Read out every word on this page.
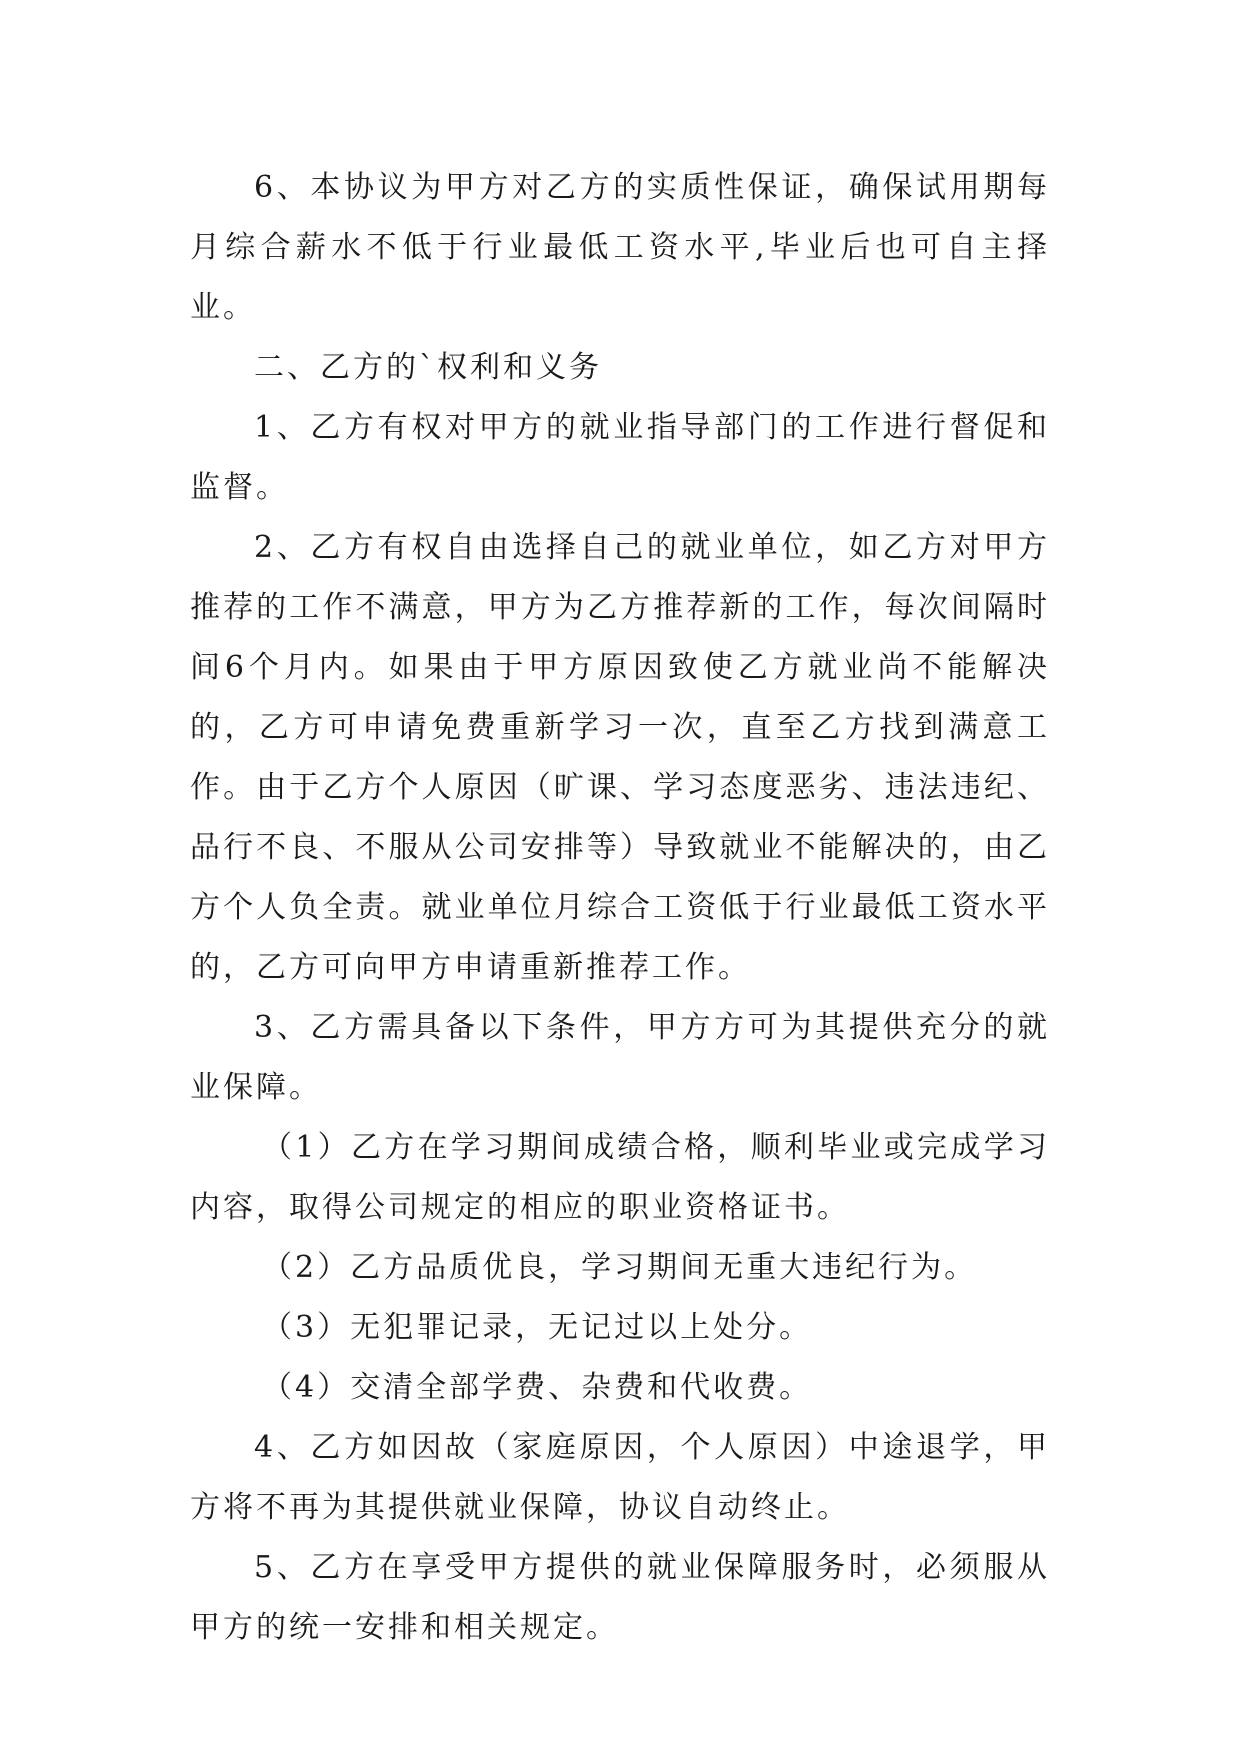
6、本协议为甲方对乙方的实质性保证，确保试用期每月综合薪水不低于行业最低工资水平,毕业后也可自主择业。

二、乙方的`权利和义务

1、乙方有权对甲方的就业指导部门的工作进行督促和监督。

2、乙方有权自由选择自己的就业单位，如乙方对甲方推荐的工作不满意，甲方为乙方推荐新的工作，每次间隔时间6个月内。如果由于甲方原因致使乙方就业尚不能解决的，乙方可申请免费重新学习一次，直至乙方找到满意工作。由于乙方个人原因（旷课、学习态度恶劣、违法违纪、品行不良、不服从公司安排等）导致就业不能解决的，由乙方个人负全责。就业单位月综合工资低于行业最低工资水平的，乙方可向甲方申请重新推荐工作。

3、乙方需具备以下条件，甲方方可为其提供充分的就业保障。

（1）乙方在学习期间成绩合格，顺利毕业或完成学习内容，取得公司规定的相应的职业资格证书。

（2）乙方品质优良，学习期间无重大违纪行为。

（3）无犯罪记录，无记过以上处分。

（4）交清全部学费、杂费和代收费。

4、乙方如因故（家庭原因，个人原因）中途退学，甲方将不再为其提供就业保障，协议自动终止。

5、乙方在享受甲方提供的就业保障服务时，必须服从甲方的统一安排和相关规定。
